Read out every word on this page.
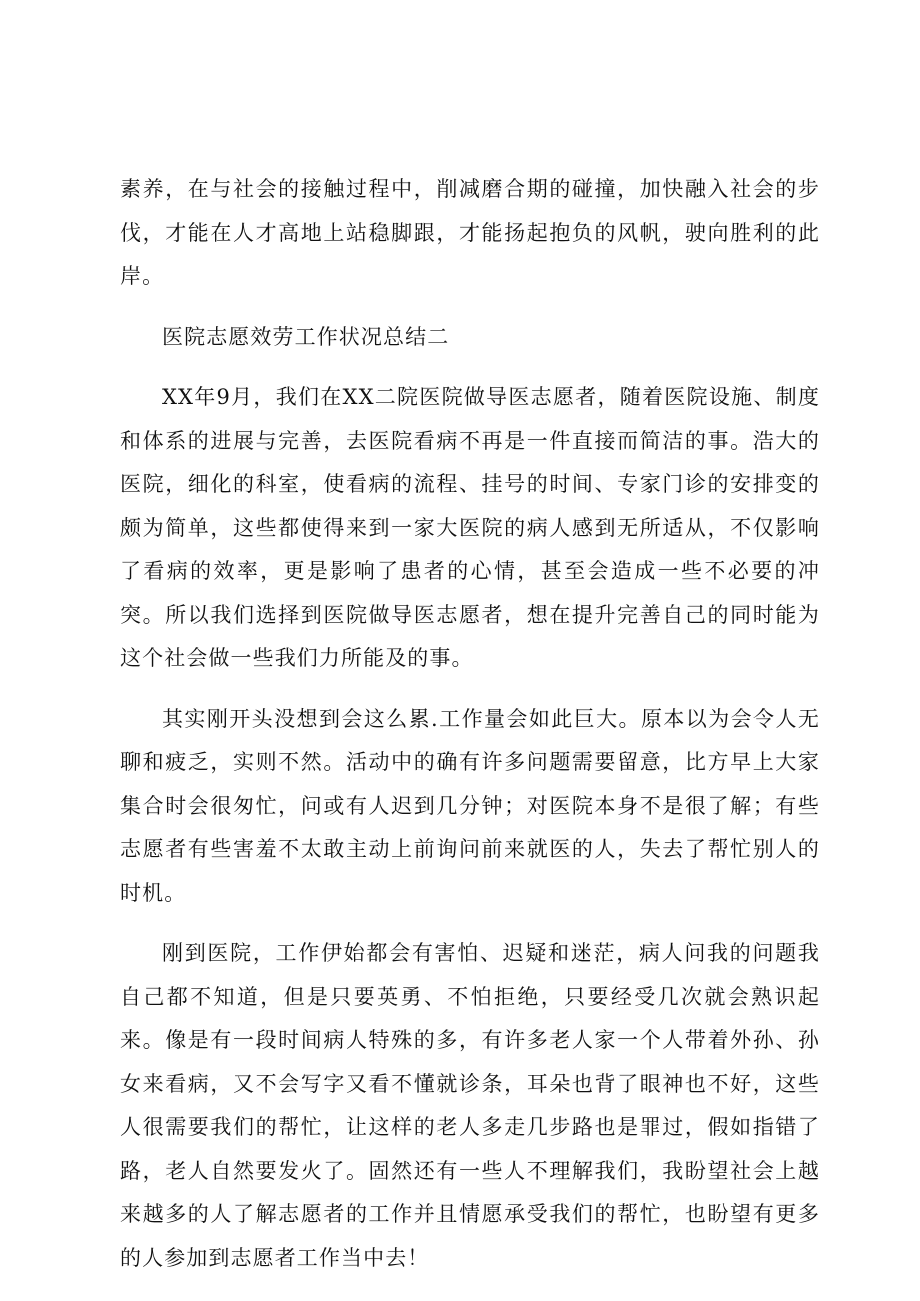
素养，在与社会的接触过程中，削减磨合期的碰撞，加快融入社会的步伐，才能在人才高地上站稳脚跟，才能扬起抱负的风帆，驶向胜利的此岸。

医院志愿效劳工作状况总结二

XX年9月，我们在XX二院医院做导医志愿者，随着医院设施、制度和体系的进展与完善，去医院看病不再是一件直接而简洁的事。浩大的医院，细化的科室，使看病的流程、挂号的时间、专家门诊的安排变的颇为简单，这些都使得来到一家大医院的病人感到无所适从，不仅影响了看病的效率，更是影响了患者的心情，甚至会造成一些不必要的冲突。所以我们选择到医院做导医志愿者，想在提升完善自己的同时能为这个社会做一些我们力所能及的事。

其实刚开头没想到会这么累.工作量会如此巨大。原本以为会令人无聊和疲乏，实则不然。活动中的确有许多问题需要留意，比方早上大家集合时会很匆忙，问或有人迟到几分钟；对医院本身不是很了解；有些志愿者有些害羞不太敢主动上前询问前来就医的人，失去了帮忙别人的时机。

刚到医院，工作伊始都会有害怕、迟疑和迷茫，病人问我的问题我自己都不知道，但是只要英勇、不怕拒绝，只要经受几次就会熟识起来。像是有一段时间病人特殊的多，有许多老人家一个人带着外孙、孙女来看病，又不会写字又看不懂就诊条，耳朵也背了眼神也不好，这些人很需要我们的帮忙，让这样的老人多走几步路也是罪过，假如指错了路，老人自然要发火了。固然还有一些人不理解我们，我盼望社会上越来越多的人了解志愿者的工作并且情愿承受我们的帮忙，也盼望有更多的人参加到志愿者工作当中去！
